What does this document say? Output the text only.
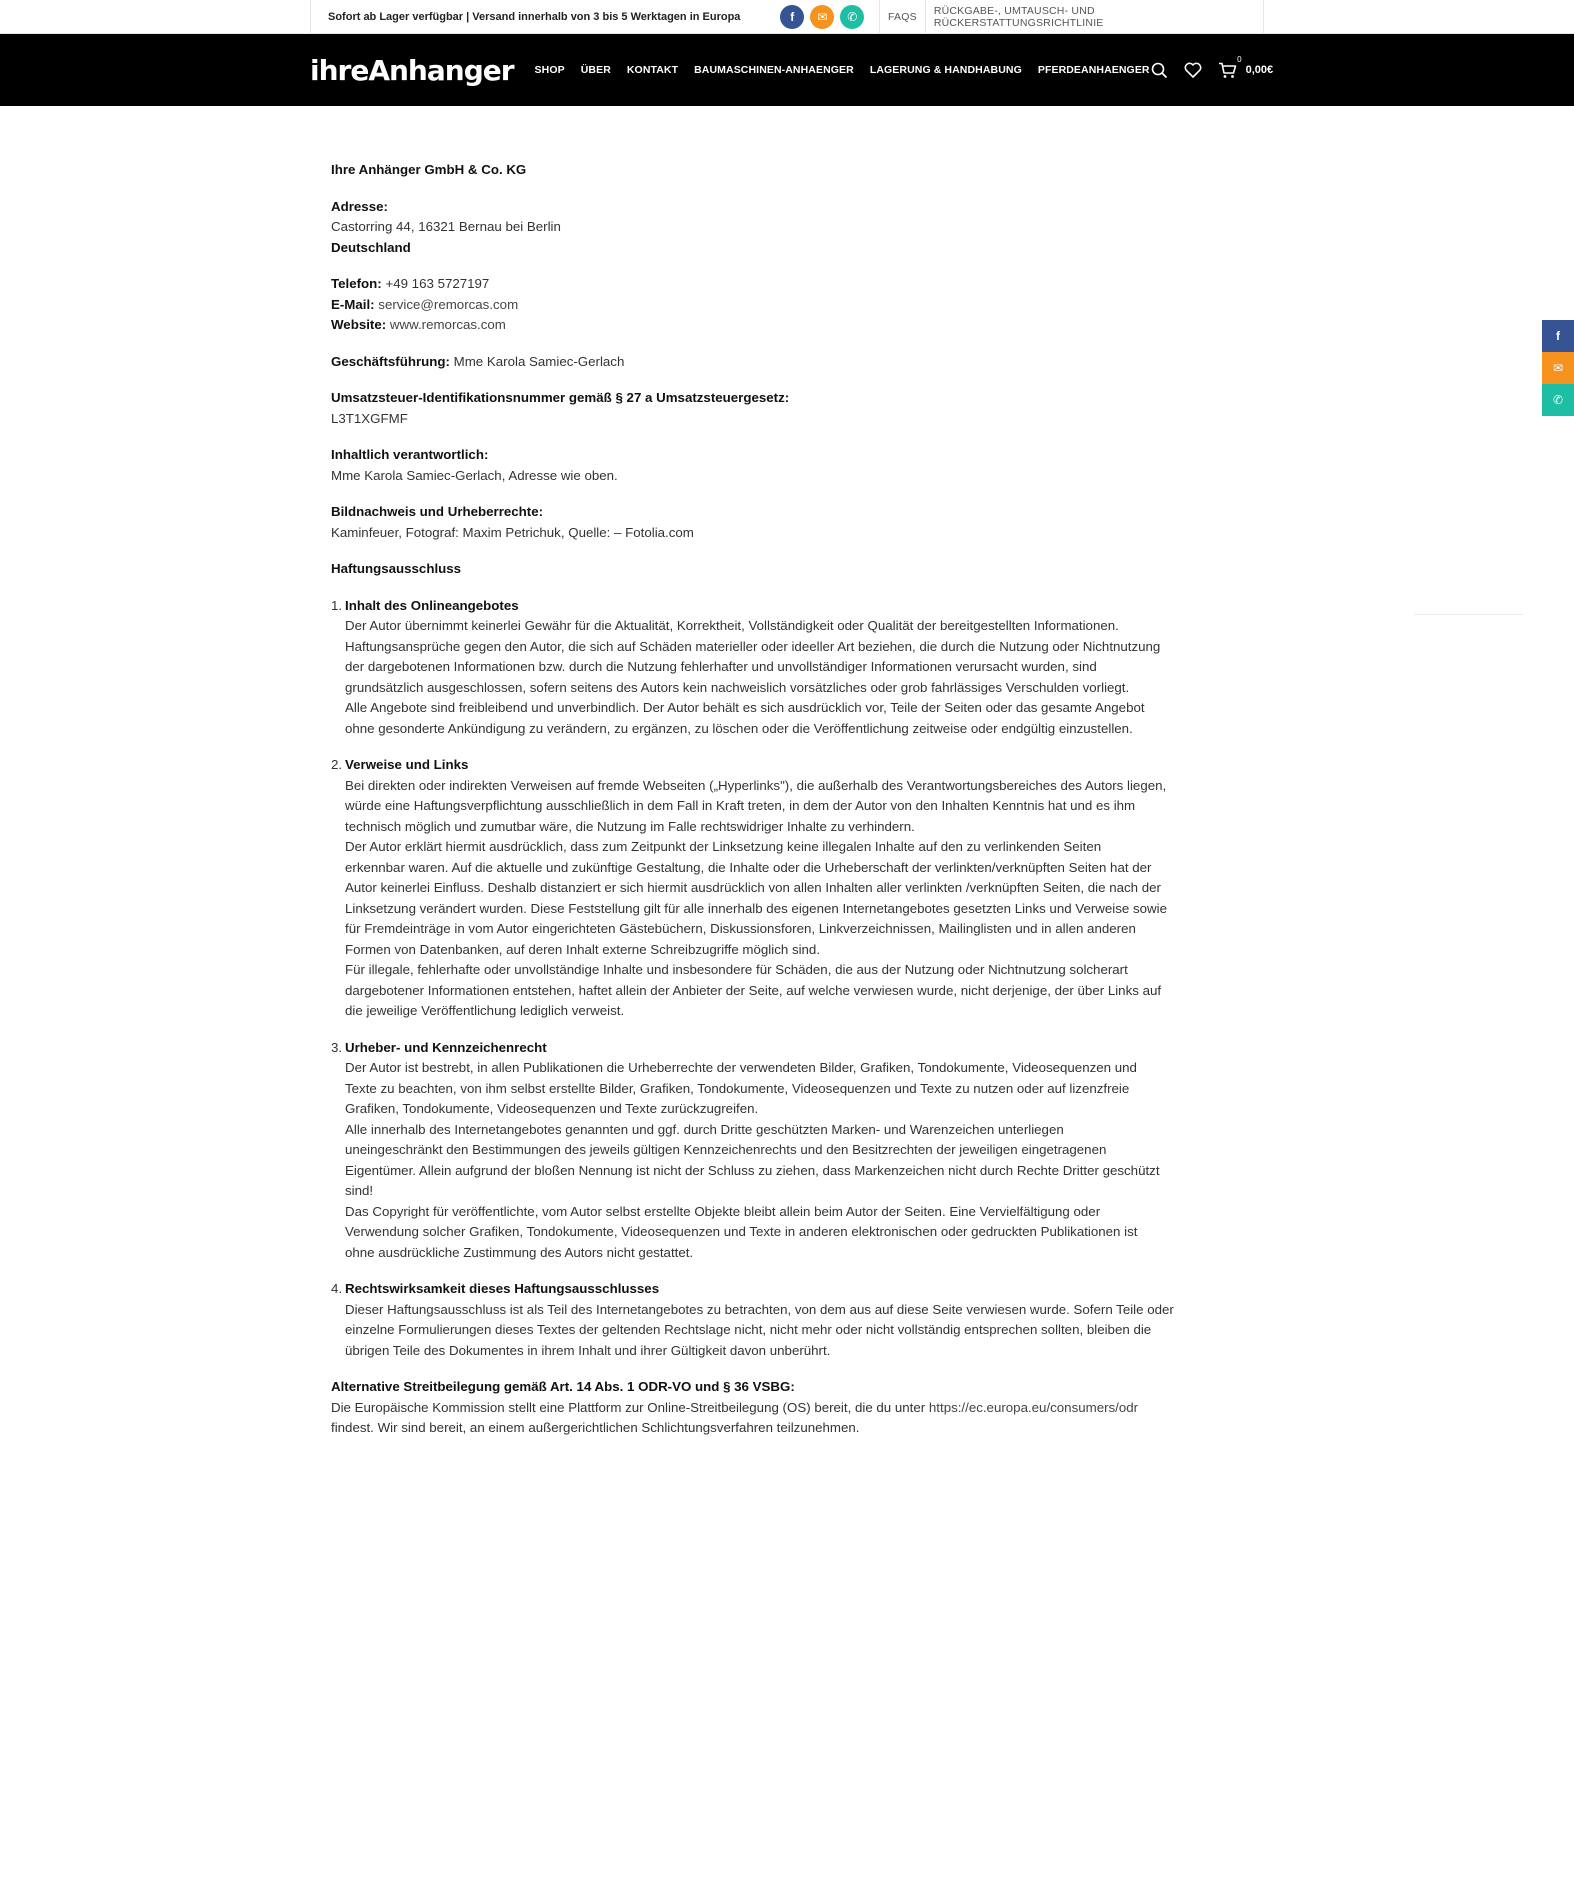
Sofort ab Lager verfügbar | Versand innerhalb von 3 bis 5 Werktagen in Europa	f	✉	✆	FAQS	RÜCKGABE-, UMTAUSCH- UND RÜCKERSTATTUNGSRICHTLINIE
ihreAnhanger SHOP ÜBER KONTAKT BAUMASCHINEN-ANHAENGER LAGERUNG & HANDHABUNG PFERDEANHAENGER
0
0,00€

Ihre Anhänger GmbH & Co. KG

Adresse:
Castorring 44, 16321 Bernau bei Berlin
Deutschland

Telefon: +49 163 5727197
E-Mail: service@remorcas.com
Website: www.remorcas.com

Geschäftsführung: Mme Karola Samiec-Gerlach

Umsatzsteuer-Identifikationsnummer gemäß § 27 a Umsatzsteuergesetz:
L3T1XGFMF

Inhaltlich verantwortlich:
Mme Karola Samiec-Gerlach, Adresse wie oben.

Bildnachweis und Urheberrechte:
Kaminfeuer, Fotograf: Maxim Petrichuk, Quelle: – Fotolia.com

Haftungsausschluss

1. Inhalt des Onlineangebotes
Der Autor übernimmt keinerlei Gewähr für die Aktualität, Korrektheit, Vollständigkeit oder Qualität der bereitgestellten Informationen.
Haftungsansprüche gegen den Autor, die sich auf Schäden materieller oder ideeller Art beziehen, die durch die Nutzung oder Nichtnutzung
der dargebotenen Informationen bzw. durch die Nutzung fehlerhafter und unvollständiger Informationen verursacht wurden, sind
grundsätzlich ausgeschlossen, sofern seitens des Autors kein nachweislich vorsätzliches oder grob fahrlässiges Verschulden vorliegt.
Alle Angebote sind freibleibend und unverbindlich. Der Autor behält es sich ausdrücklich vor, Teile der Seiten oder das gesamte Angebot
ohne gesonderte Ankündigung zu verändern, zu ergänzen, zu löschen oder die Veröffentlichung zeitweise oder endgültig einzustellen.
2. Verweise und Links
Bei direkten oder indirekten Verweisen auf fremde Webseiten („Hyperlinks"), die außerhalb des Verantwortungsbereiches des Autors liegen,
würde eine Haftungsverpflichtung ausschließlich in dem Fall in Kraft treten, in dem der Autor von den Inhalten Kenntnis hat und es ihm
technisch möglich und zumutbar wäre, die Nutzung im Falle rechtswidriger Inhalte zu verhindern.
Der Autor erklärt hiermit ausdrücklich, dass zum Zeitpunkt der Linksetzung keine illegalen Inhalte auf den zu verlinkenden Seiten
erkennbar waren. Auf die aktuelle und zukünftige Gestaltung, die Inhalte oder die Urheberschaft der verlinkten/verknüpften Seiten hat der
Autor keinerlei Einfluss. Deshalb distanziert er sich hiermit ausdrücklich von allen Inhalten aller verlinkten /verknüpften Seiten, die nach der
Linksetzung verändert wurden. Diese Feststellung gilt für alle innerhalb des eigenen Internetangebotes gesetzten Links und Verweise sowie
für Fremdeinträge in vom Autor eingerichteten Gästebüchern, Diskussionsforen, Linkverzeichnissen, Mailinglisten und in allen anderen
Formen von Datenbanken, auf deren Inhalt externe Schreibzugriffe möglich sind.
Für illegale, fehlerhafte oder unvollständige Inhalte und insbesondere für Schäden, die aus der Nutzung oder Nichtnutzung solcherart
dargebotener Informationen entstehen, haftet allein der Anbieter der Seite, auf welche verwiesen wurde, nicht derjenige, der über Links auf
die jeweilige Veröffentlichung lediglich verweist.
3. Urheber- und Kennzeichenrecht
Der Autor ist bestrebt, in allen Publikationen die Urheberrechte der verwendeten Bilder, Grafiken, Tondokumente, Videosequenzen und
Texte zu beachten, von ihm selbst erstellte Bilder, Grafiken, Tondokumente, Videosequenzen und Texte zu nutzen oder auf lizenzfreie
Grafiken, Tondokumente, Videosequenzen und Texte zurückzugreifen.
Alle innerhalb des Internetangebotes genannten und ggf. durch Dritte geschützten Marken- und Warenzeichen unterliegen
uneingeschränkt den Bestimmungen des jeweils gültigen Kennzeichenrechts und den Besitzrechten der jeweiligen eingetragenen
Eigentümer. Allein aufgrund der bloßen Nennung ist nicht der Schluss zu ziehen, dass Markenzeichen nicht durch Rechte Dritter geschützt
sind!
Das Copyright für veröffentlichte, vom Autor selbst erstellte Objekte bleibt allein beim Autor der Seiten. Eine Vervielfältigung oder
Verwendung solcher Grafiken, Tondokumente, Videosequenzen und Texte in anderen elektronischen oder gedruckten Publikationen ist
ohne ausdrückliche Zustimmung des Autors nicht gestattet.
4. Rechtswirksamkeit dieses Haftungsausschlusses
Dieser Haftungsausschluss ist als Teil des Internetangebotes zu betrachten, von dem aus auf diese Seite verwiesen wurde. Sofern Teile oder
einzelne Formulierungen dieses Textes der geltenden Rechtslage nicht, nicht mehr oder nicht vollständig entsprechen sollten, bleiben die
übrigen Teile des Dokumentes in ihrem Inhalt und ihrer Gültigkeit davon unberührt.

Alternative Streitbeilegung gemäß Art. 14 Abs. 1 ODR-VO und § 36 VSBG:
Die Europäische Kommission stellt eine Plattform zur Online-Streitbeilegung (OS) bereit, die du unter https://ec.europa.eu/consumers/odr
findest. Wir sind bereit, an einem außergerichtlichen Schlichtungsverfahren teilzunehmen.

f
✉
✆
